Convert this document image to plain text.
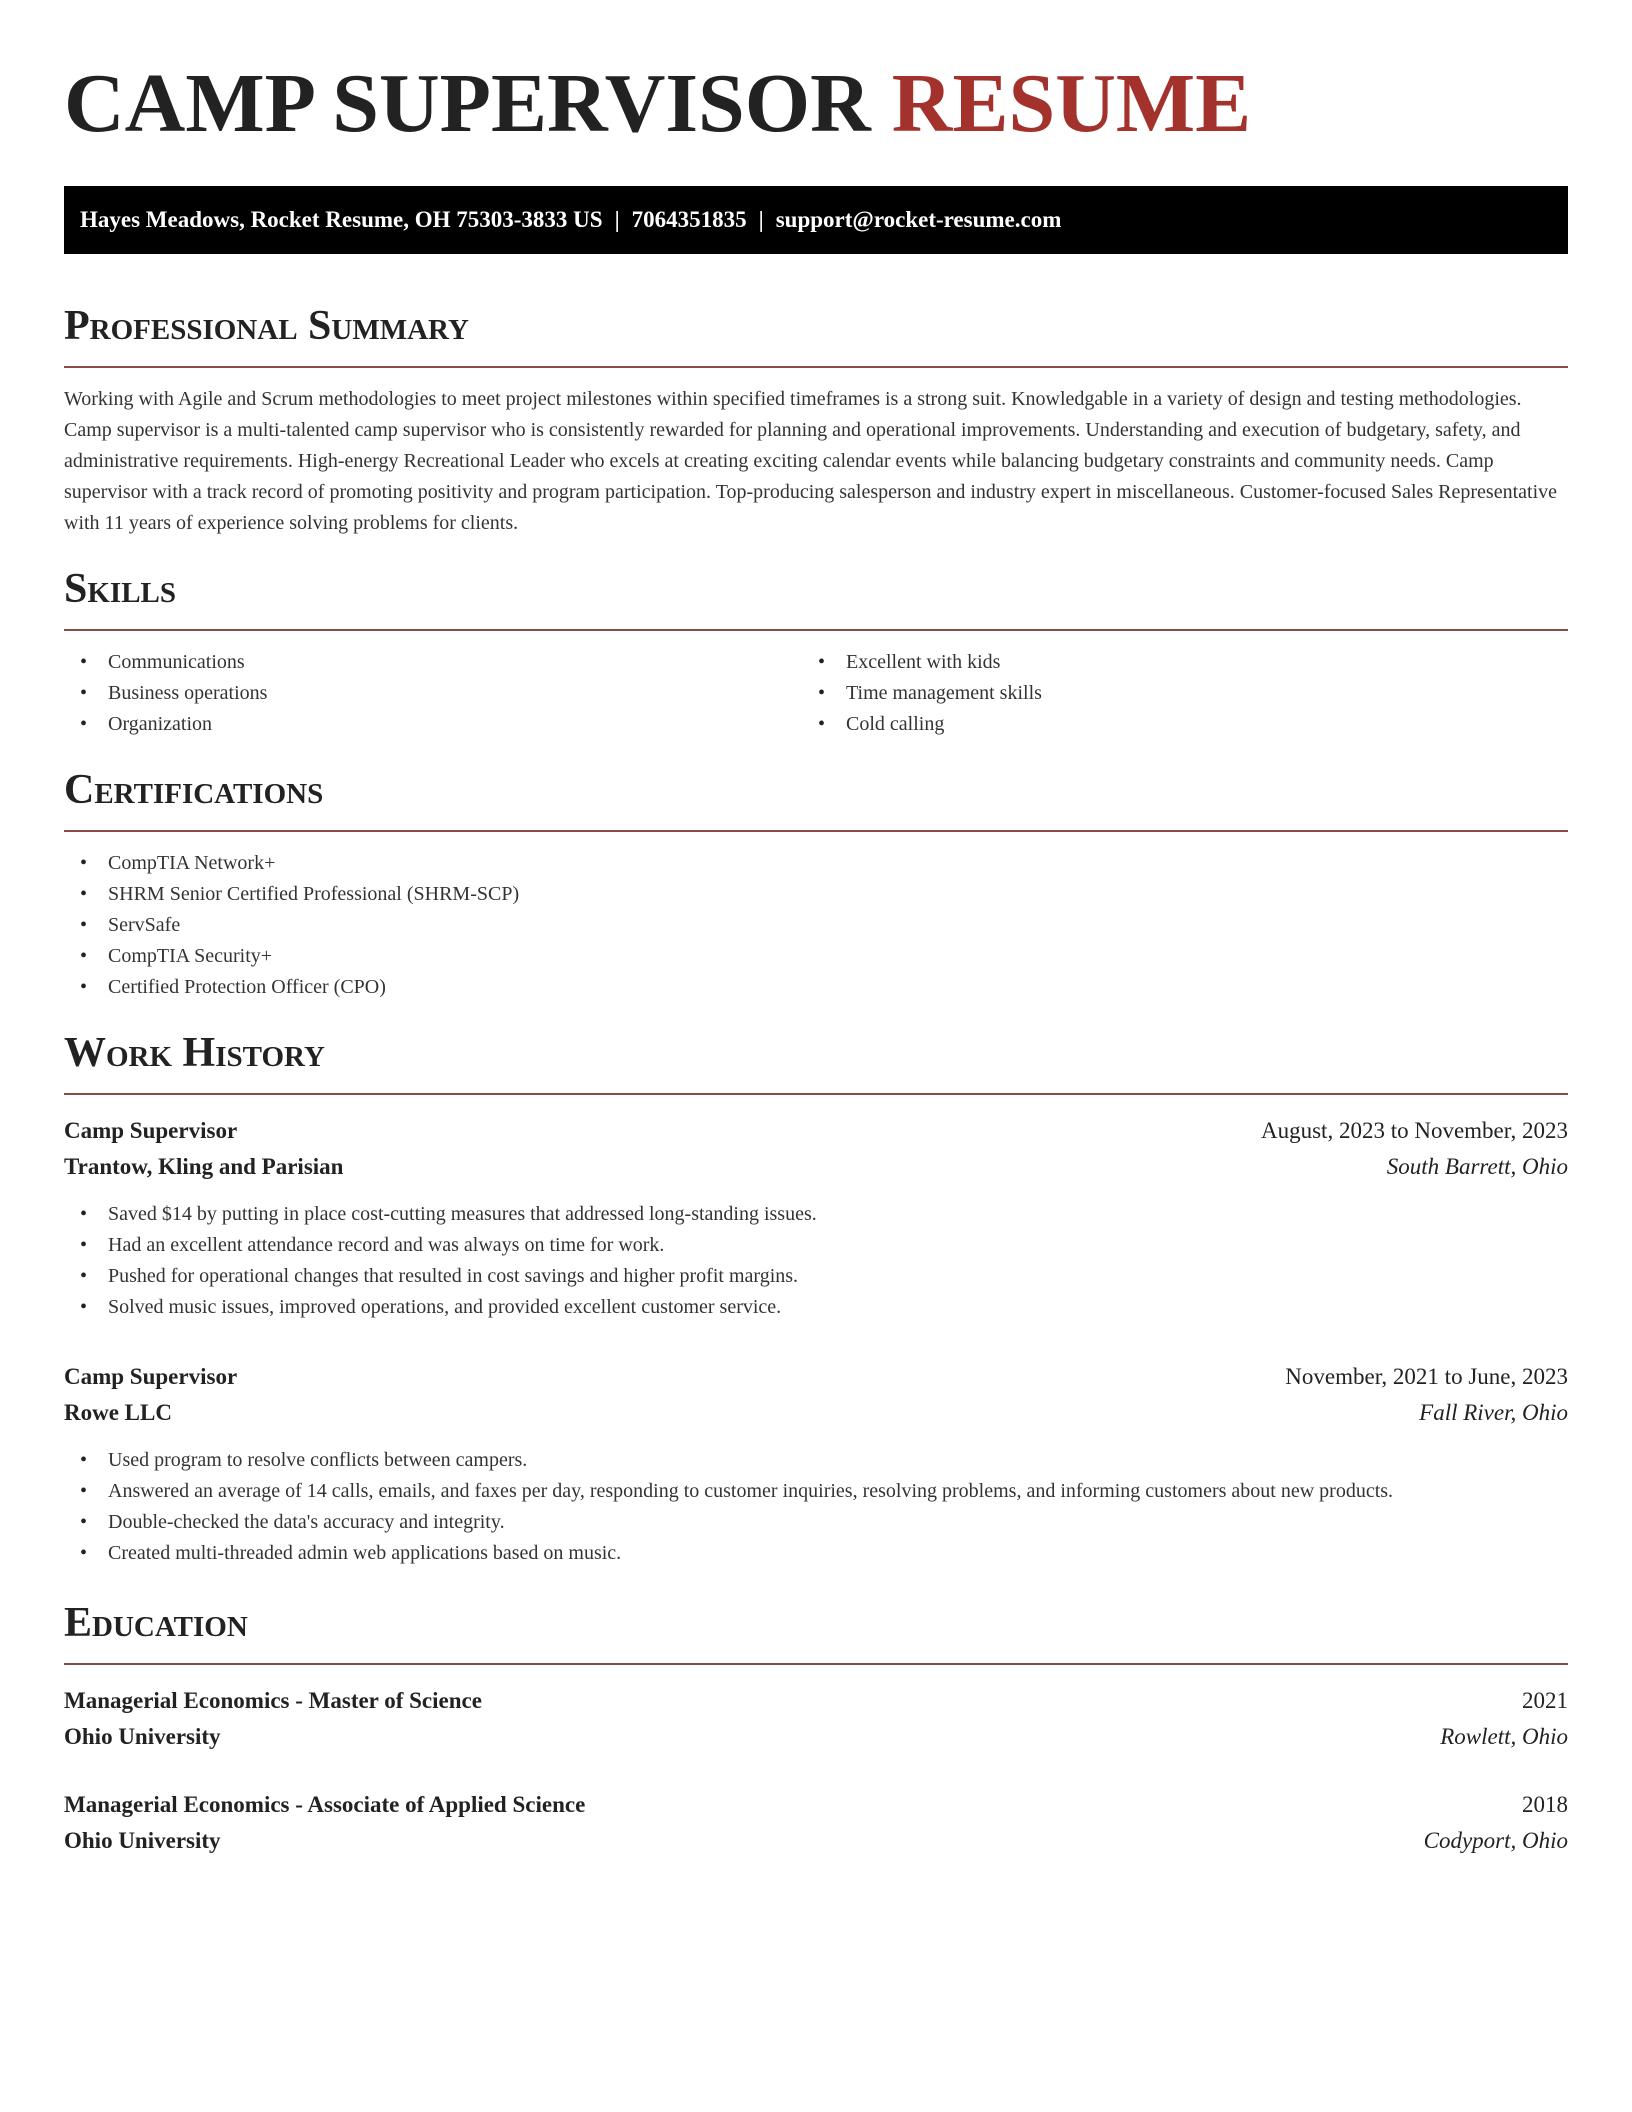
CAMP SUPERVISOR RESUME
Hayes Meadows, Rocket Resume, OH 75303-3833 US | 7064351835 | support@rocket-resume.com
Professional Summary

Working with Agile and Scrum methodologies to meet project milestones within specified timeframes is a strong suit. Knowledgable in a variety of design and testing methodologies. Camp supervisor is a multi-talented camp supervisor who is consistently rewarded for planning and operational improvements. Understanding and execution of budgetary, safety, and administrative requirements. High-energy Recreational Leader who excels at creating exciting calendar events while balancing budgetary constraints and community needs. Camp supervisor with a track record of promoting positivity and program participation. Top-producing salesperson and industry expert in miscellaneous. Customer-focused Sales Representative with 11 years of experience solving problems for clients.

Skills
• Communications
• Business operations
• Organization
• Excellent with kids
• Time management skills
• Cold calling
Certifications
• CompTIA Network+
• SHRM Senior Certified Professional (SHRM-SCP)
• ServSafe
• CompTIA Security+
• Certified Protection Officer (CPO)
Work History
Camp Supervisor	August, 2023 to November, 2023
Trantow, Kling and Parisian	South Barrett, Ohio
• Saved $14 by putting in place cost-cutting measures that addressed long-standing issues.
• Had an excellent attendance record and was always on time for work.
• Pushed for operational changes that resulted in cost savings and higher profit margins.
• Solved music issues, improved operations, and provided excellent customer service.
Camp Supervisor	November, 2021 to June, 2023
Rowe LLC	Fall River, Ohio
• Used program to resolve conflicts between campers.
• Answered an average of 14 calls, emails, and faxes per day, responding to customer inquiries, resolving problems, and informing customers about new products.
• Double-checked the data's accuracy and integrity.
• Created multi-threaded admin web applications based on music.
Education
Managerial Economics - Master of Science	2021
Ohio University	Rowlett, Ohio
Managerial Economics - Associate of Applied Science	2018
Ohio University	Codyport, Ohio
